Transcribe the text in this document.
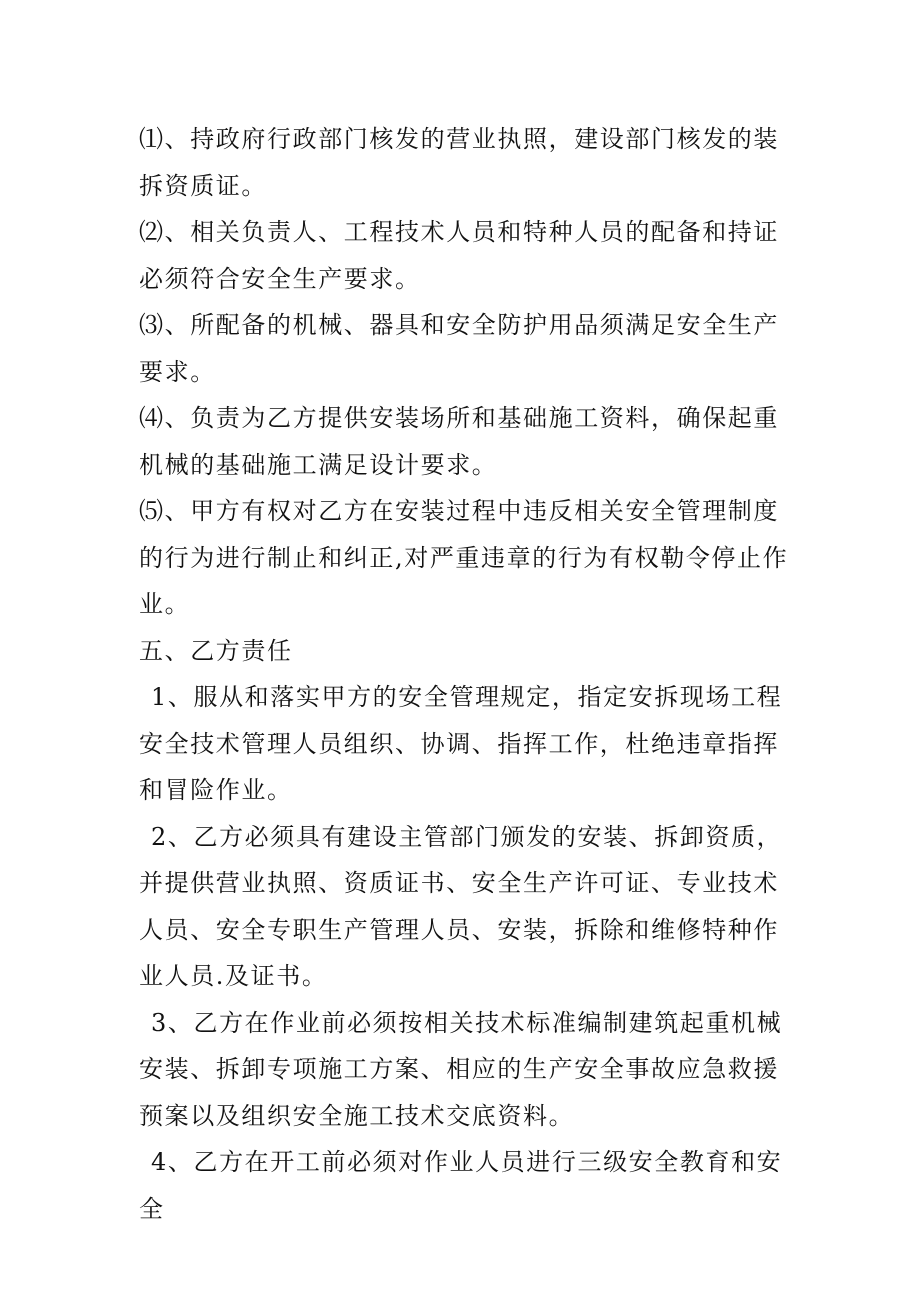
⑴、持政府行政部门核发的营业执照，建设部门核发的装拆资质证。

⑵、相关负责人、工程技术人员和特种人员的配备和持证必须符合安全生产要求。

⑶、所配备的机械、器具和安全防护用品须满足安全生产要求。

⑷、负责为乙方提供安装场所和基础施工资料，确保起重机械的基础施工满足设计要求。

⑸、甲方有权对乙方在安装过程中违反相关安全管理制度的行为进行制止和纠正,对严重违章的行为有权勒令停止作业。

五、乙方责任

1、服从和落实甲方的安全管理规定，指定安拆现场工程安全技术管理人员组织、协调、指挥工作，杜绝违章指挥和冒险作业。

2、乙方必须具有建设主管部门颁发的安装、拆卸资质，并提供营业执照、资质证书、安全生产许可证、专业技术人员、安全专职生产管理人员、安装，拆除和维修特种作业人员.及证书。

3、乙方在作业前必须按相关技术标准编制建筑起重机械安装、拆卸专项施工方案、相应的生产安全事故应急救援预案以及组织安全施工技术交底资料。

4、乙方在开工前必须对作业人员进行三级安全教育和安全
